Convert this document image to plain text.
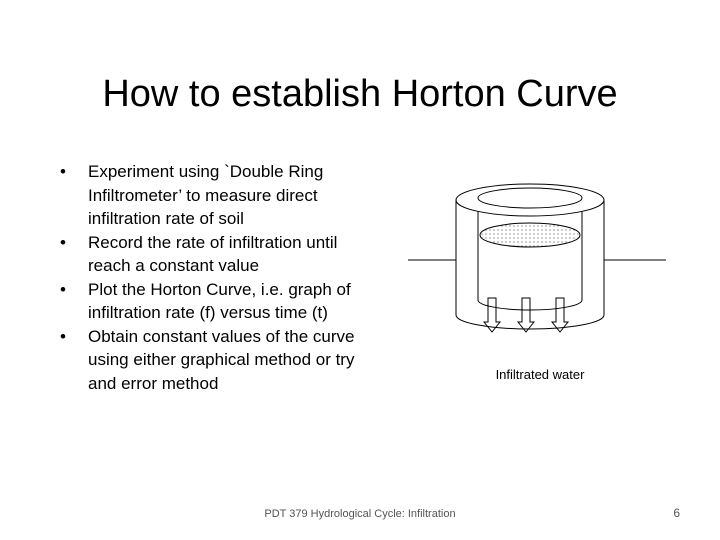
How to establish Horton Curve
• Experiment using `Double Ring Infiltrometer’ to measure direct infiltration rate of soil
• Record the rate of infiltration until reach a constant value
• Plot the Horton Curve, i.e. graph of infiltration rate (f) versus time (t)
• Obtain constant values of the curve using either graphical method or try and error method	Infiltrated water
PDT 379 Hydrological Cycle: Infiltration	6
